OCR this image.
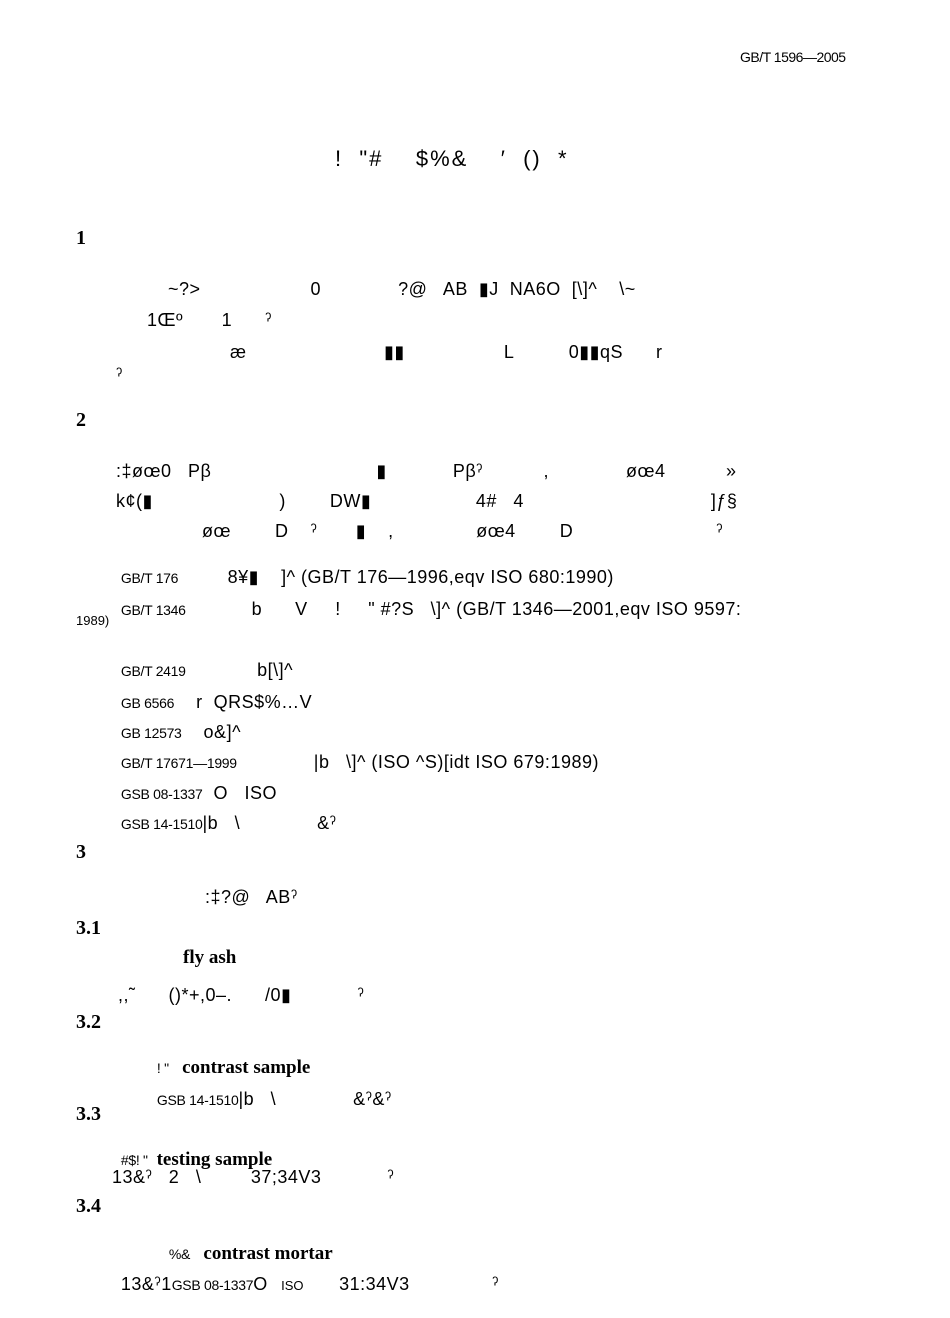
GB/T 1596—2005
!  "#    $%&    ′  ()  *
1
~?>                    0              ?@   AB  ▮J  NA6O  [\]^    \~
1Œº       1      ˀ
æ                         ▮▮                  L          0▮▮qS      r
ˀ
2
:‡øœ0   Pβ                              ▮            Pβˀ           ,              øœ4           »
k¢(▮                       )        DW▮                   4#   4                                  ]ƒ§
øœ        D    ˀ       ▮    ,               øœ4        D                          ˀ

GB/T 176         8¥▮    ]^ (GB/T 176—1996,eqv ISO 680:1990)

GB/T 1346            b      V     !     " #?S   \]^ (GB/T 1346—2001,eqv ISO 9597:

1989)

GB/T 2419             b[\]^

GB 6566    r  QRS$%…V

GB 12573    o&]^

GB/T 17671—1999              |b   \]^ (ISO ^S)[idt ISO 679:1989)

GSB 08-1337  O   ISO

GSB 14-1510|b   \              &ˀ

3
:‡?@   ABˀ
3.1
fly ash
,,˜      ()*+,0–.      /0▮            ˀ
3.2

! " contrast sample

GSB 14-1510|b   \              &ˀ&ˀ

3.3

#$! " testing sample

13&ˀ   2   \         37;34V3            ˀ
3.4

%& contrast mortar

13&ˀ1GSB 08-1337O ISO 31:34V3               ˀ
